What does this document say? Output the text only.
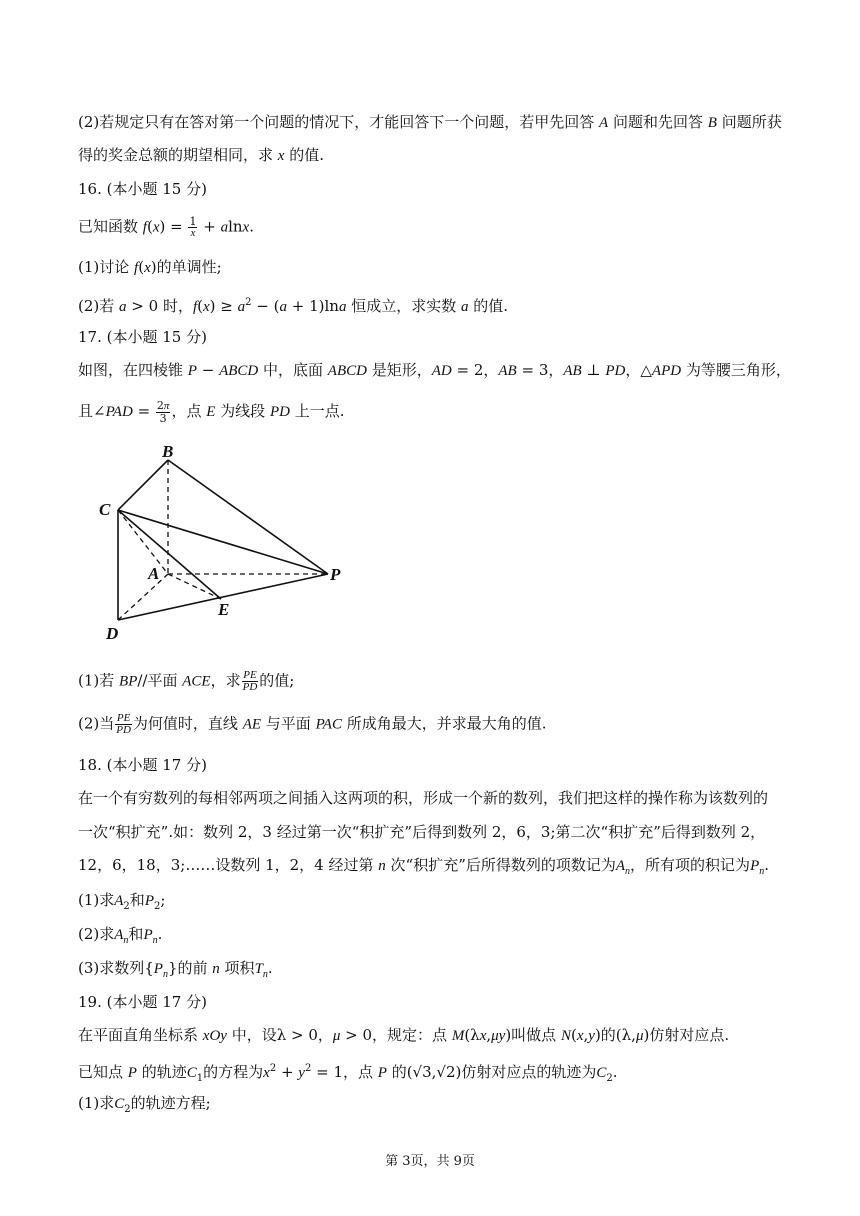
(2)若规定只有在答对第一个问题的情况下，才能回答下一个问题，若甲先回答 A 问题和先回答 B 问题所获
得的奖金总额的期望相同，求 x 的值.
16. (本小题 15 分)
已知函数 $f(x) = \frac{1}{x} + alnx$.
(1)讨论 f(x)的单调性;
(2)若 a > 0 时，$f(x) \ge a^2 - (a + 1)\ln a$ 恒成立，求实数 a 的值.
17. (本小题 15 分)
如图，在四棱锥 P − ABCD 中，底面 ABCD 是矩形，AD = 2，AB = 3，AB ⊥ PD，△APD 为等腰三角形，
且∠PAD = $\frac{2\pi}{3}$ ，点 E 为线段 PD 上一点.
B
C
A	P
E
D
(1)若 BP//平面 ACE，求 $\frac{PE}{PD}$ 的值;
(2)当 $\frac{PE}{PD}$ 为何值时，直线 AE 与平面 PAC 所成角最大，并求最大角的值.
18. (本小题 17 分)
在一个有穷数列的每相邻两项之间插入这两项的积，形成一个新的数列，我们把这样的操作称为该数列的
一次“积扩充”.如：数列 2，3 经过第一次“积扩充”后得到数列 2，6，3;第二次“积扩充”后得到数列 2，
12，6，18，3;……设数列 1，2，4 经过第 n 次“积扩充”后所得数列的项数记为$A_n$，所有项的积记为$P_n$.
(1)求$A_2$和$P_2$;
(2)求$A_n$和$P_n$.
(3)求数列$\{P_n\}$的前 n 项积$T_n$.
19. (本小题 17 分)
在平面直角坐标系 xOy 中，设λ > 0，μ > 0，规定：点 M(λx,μy)叫做点 N(x,y)的(λ,μ)仿射对应点.
已知点 P 的轨迹$C_1$的方程为$x^2 + y^2 = 1$，点 P 的(√3,√2)仿射对应点的轨迹为$C_2$.
(1)求$C_2$的轨迹方程;
第 3页，共 9页
